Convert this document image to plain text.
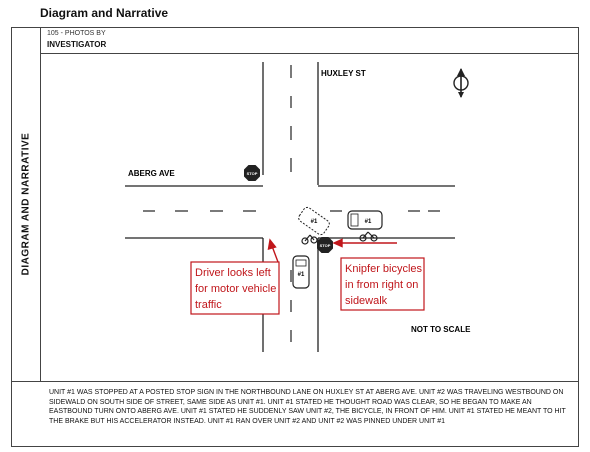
Diagram and Narrative
DIAGRAM AND NARRATIVE
105 - PHOTOS BY
INVESTIGATOR
UNIT #1 WAS STOPPED AT A POSTED STOP SIGN IN THE NORTHBOUND LANE ON HUXLEY ST AT ABERG AVE. UNIT #2 WAS TRAVELING WESTBOUND ON SIDEWALD ON SOUTH SIDE OF STREET, SAME SIDE AS UNIT #1. UNIT #1 STATED HE THOUGHT ROAD WAS CLEAR, SO HE BEGAN TO MAKE AN EASTBOUND TURN ONTO ABERG AVE. UNIT #1 STATED HE SUDDENLY SAW UNIT #2, THE BICYCLE, IN FRONT OF HIM. UNIT #1 STATED HE MEANT TO HIT THE BRAKE BUT HIS ACCELERATOR INSTEAD. UNIT #1 RAN OVER UNIT #2 AND UNIT #2 WAS PINNED UNDER UNIT #1
HUXLEY ST
ABERG AVE	STOP
STOP
#1
#1	#1
Driver looks left
for motor vehicle
traffic
Knipfer bicycles
in from right on
sidewalk
NOT TO SCALE
